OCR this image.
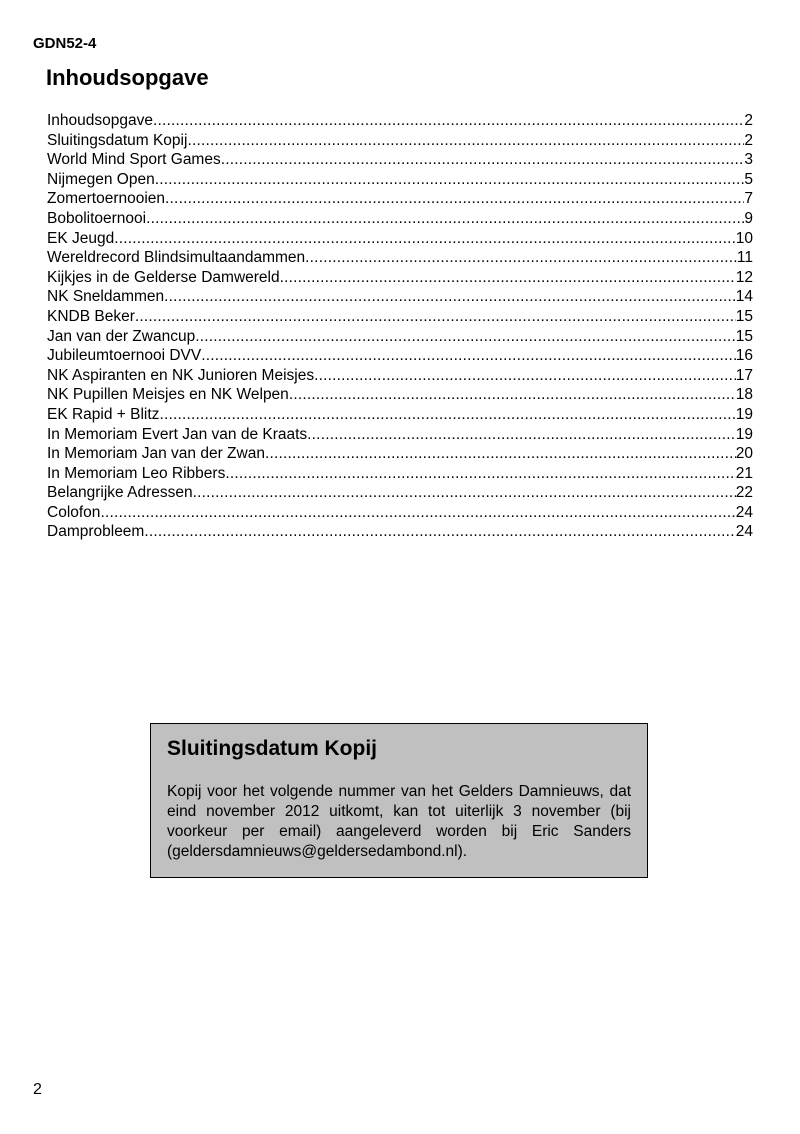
GDN52-4
Inhoudsopgave
Inhoudsopgave .....	2
Sluitingsdatum Kopij .....	2
World Mind Sport Games .....	3
Nijmegen Open .....	5
Zomertoernooien .....	7
Bobolitoernooi .....	9
EK Jeugd .....	10
Wereldrecord Blindsimultaandammen .....	11
Kijkjes in de Gelderse Damwereld .....	12
NK Sneldammen .....	14
KNDB Beker .....	15
Jan van der Zwancup .....	15
Jubileumtoernooi DVV .....	16
NK Aspiranten en NK Junioren Meisjes .....	17
NK Pupillen Meisjes en NK Welpen .....	18
EK Rapid + Blitz .....	19
In Memoriam Evert Jan van de Kraats .....	19
In Memoriam Jan van der Zwan .....	20
In Memoriam Leo Ribbers .....	21
Belangrijke Adressen .....	22
Colofon .....	24
Damprobleem .....	24
Sluitingsdatum Kopij

Kopij voor het volgende nummer van het Gelders Damnieuws, dat eind november 2012 uitkomt, kan tot uiterlijk 3 november (bij voorkeur per email) aangeleverd worden bij Eric Sanders (geldersdamnieuws@geldersedambond.nl).

2
